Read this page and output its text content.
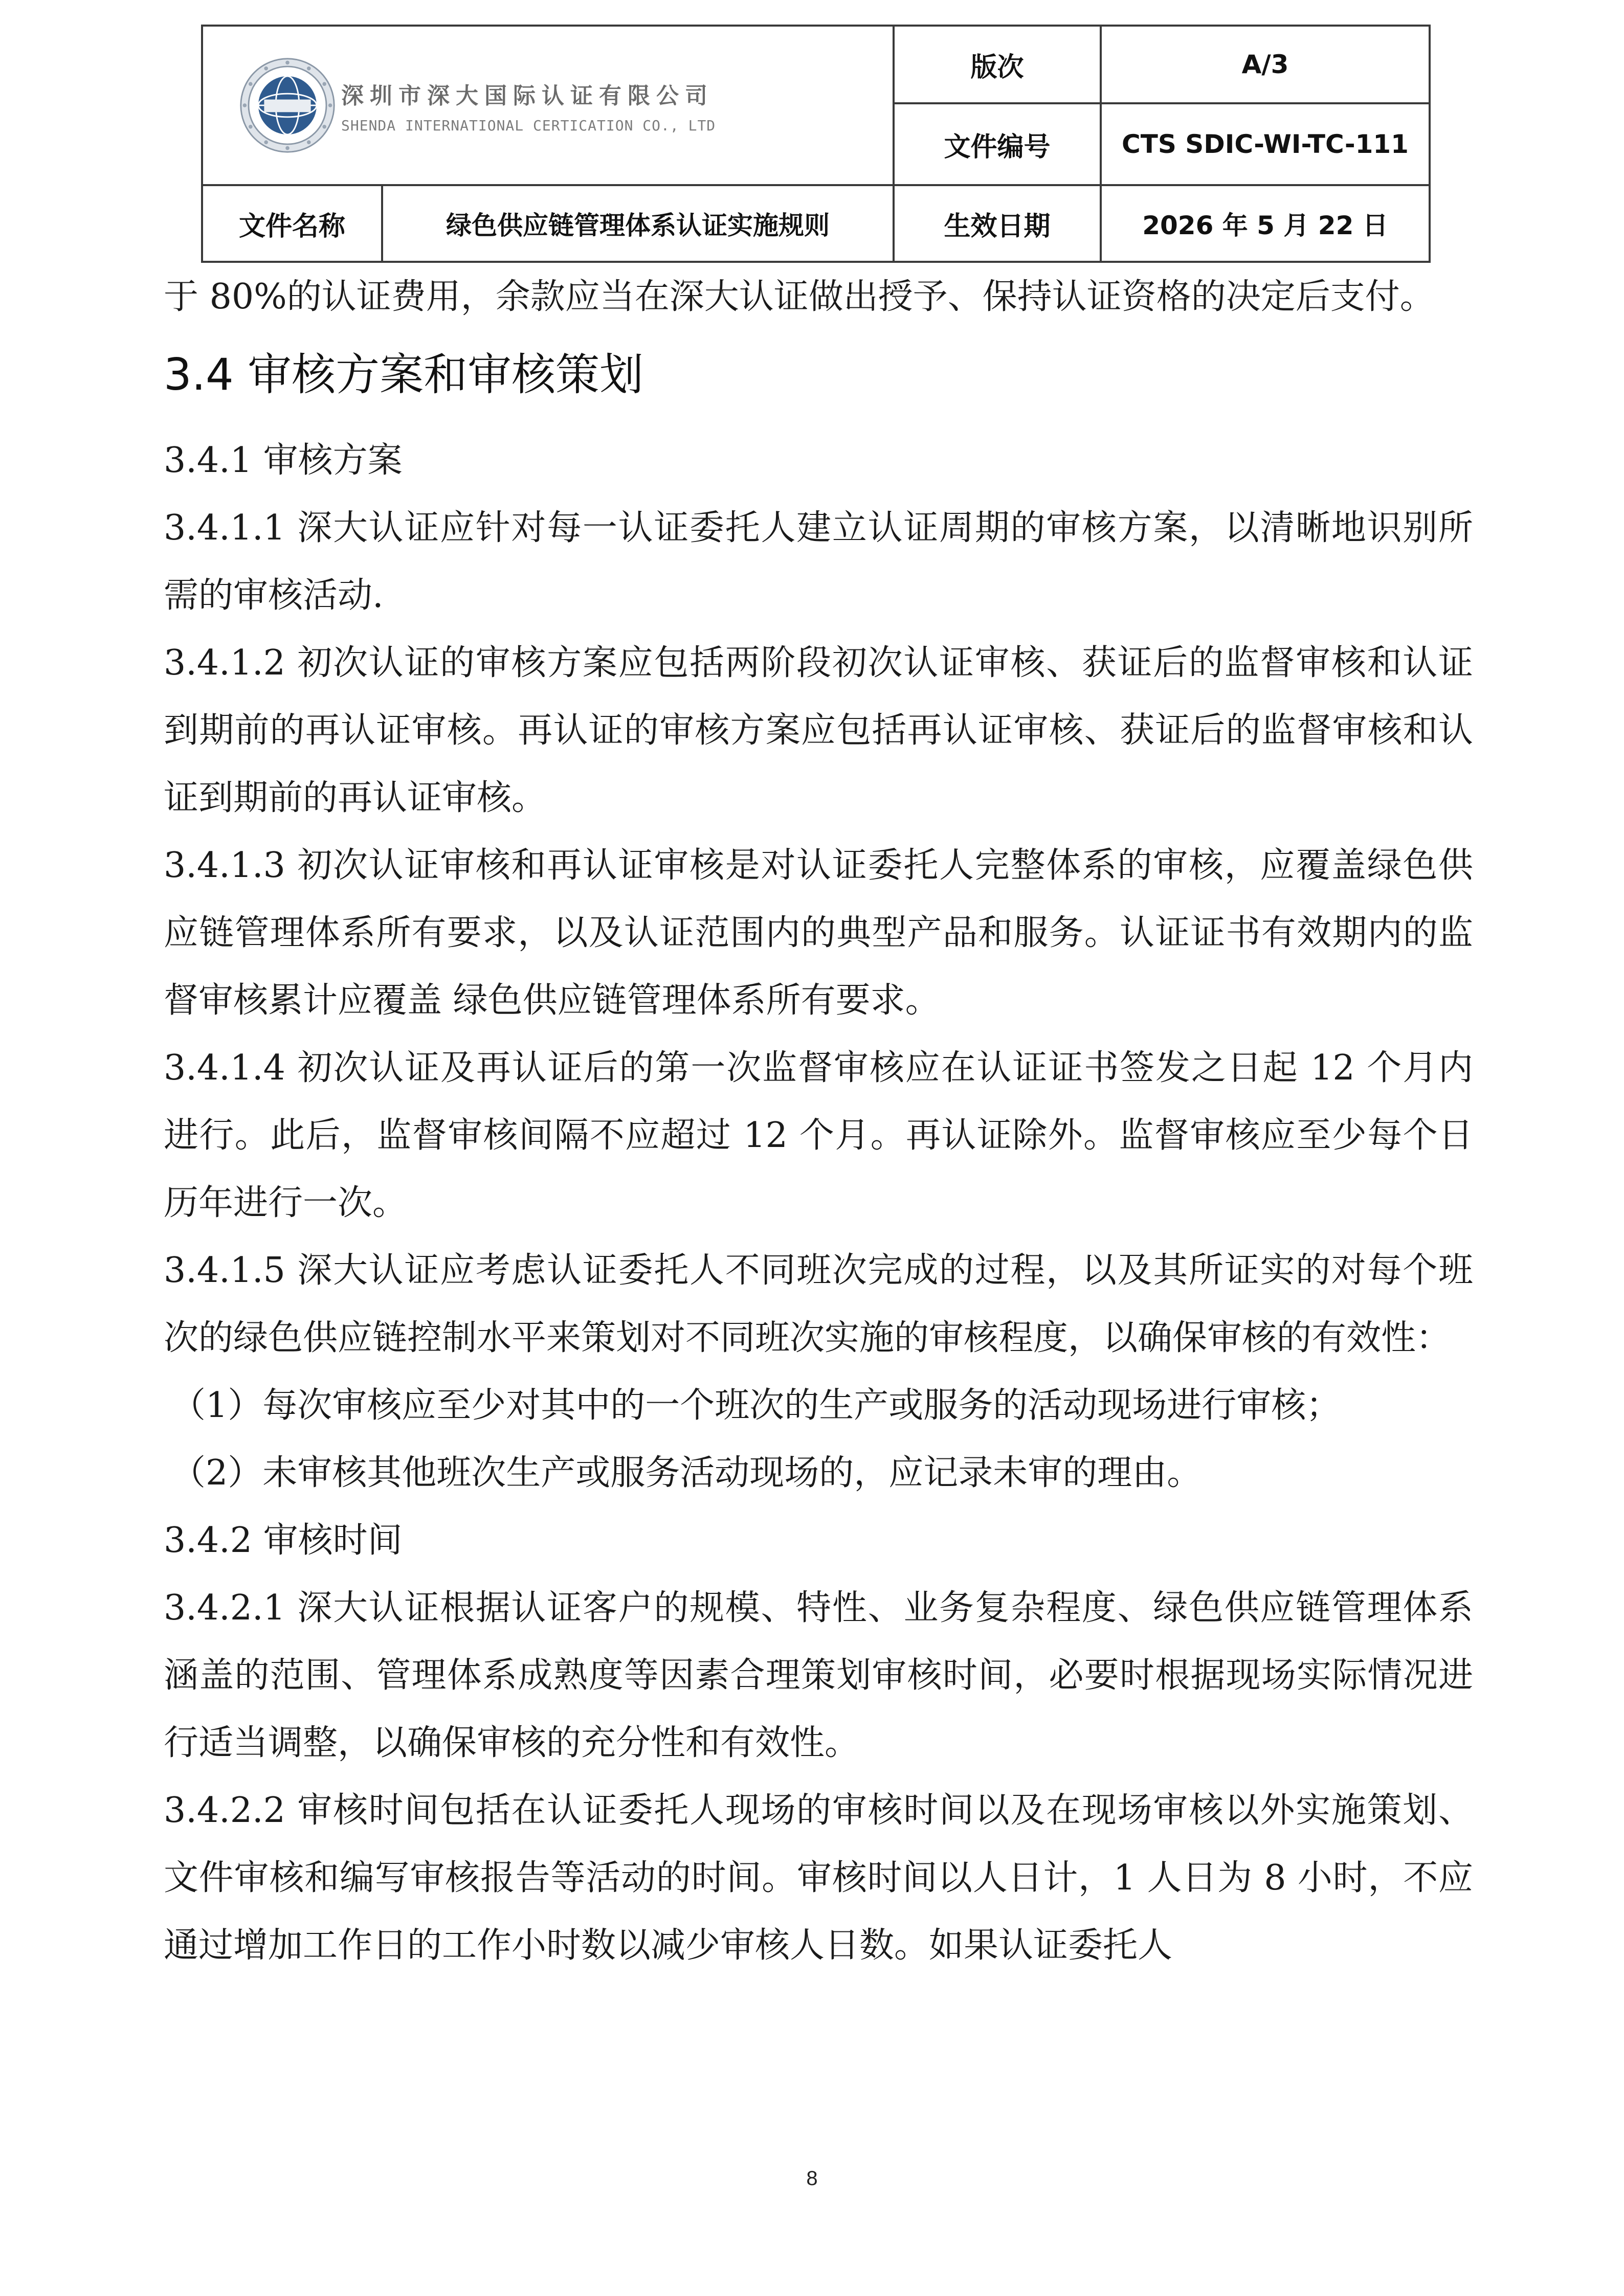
深圳市深大国际认证有限公司
SHENDA INTERNATIONAL CERTICATION CO., LTD		版次	A/3
		文件编号	CTS SDIC-WI-TC-111
文件名称	绿色供应链管理体系认证实施规则	生效日期	2026 年 5 月 22 日

于 80%的认证费用，余款应当在深大认证做出授予、保持认证资格的决定后支付。

3.4 审核方案和审核策划

3.4.1 审核方案

3.4.1.1 深大认证应针对每一认证委托人建立认证周期的审核方案，以清晰地识别所需的审核活动.

3.4.1.2 初次认证的审核方案应包括两阶段初次认证审核、获证后的监督审核和认证到期前的再认证审核。再认证的审核方案应包括再认证审核、获证后的监督审核和认证到期前的再认证审核。

3.4.1.3 初次认证审核和再认证审核是对认证委托人完整体系的审核，应覆盖绿色供应链管理体系所有要求，以及认证范围内的典型产品和服务。认证证书有效期内的监督审核累计应覆盖 绿色供应链管理体系所有要求。

3.4.1.4 初次认证及再认证后的第一次监督审核应在认证证书签发之日起 12 个月内进行。此后，监督审核间隔不应超过 12 个月。再认证除外。监督审核应至少每个日历年进行一次。

3.4.1.5 深大认证应考虑认证委托人不同班次完成的过程，以及其所证实的对每个班次的绿色供应链控制水平来策划对不同班次实施的审核程度，以确保审核的有效性：

（1）每次审核应至少对其中的一个班次的生产或服务的活动现场进行审核；

（2）未审核其他班次生产或服务活动现场的，应记录未审的理由。

3.4.2 审核时间

3.4.2.1 深大认证根据认证客户的规模、特性、业务复杂程度、绿色供应链管理体系涵盖的范围、管理体系成熟度等因素合理策划审核时间，必要时根据现场实际情况进行适当调整，以确保审核的充分性和有效性。

3.4.2.2 审核时间包括在认证委托人现场的审核时间以及在现场审核以外实施策划、文件审核和编写审核报告等活动的时间。审核时间以人日计，1 人日为 8 小时，不应通过增加工作日的工作小时数以减少审核人日数。如果认证委托人

8
